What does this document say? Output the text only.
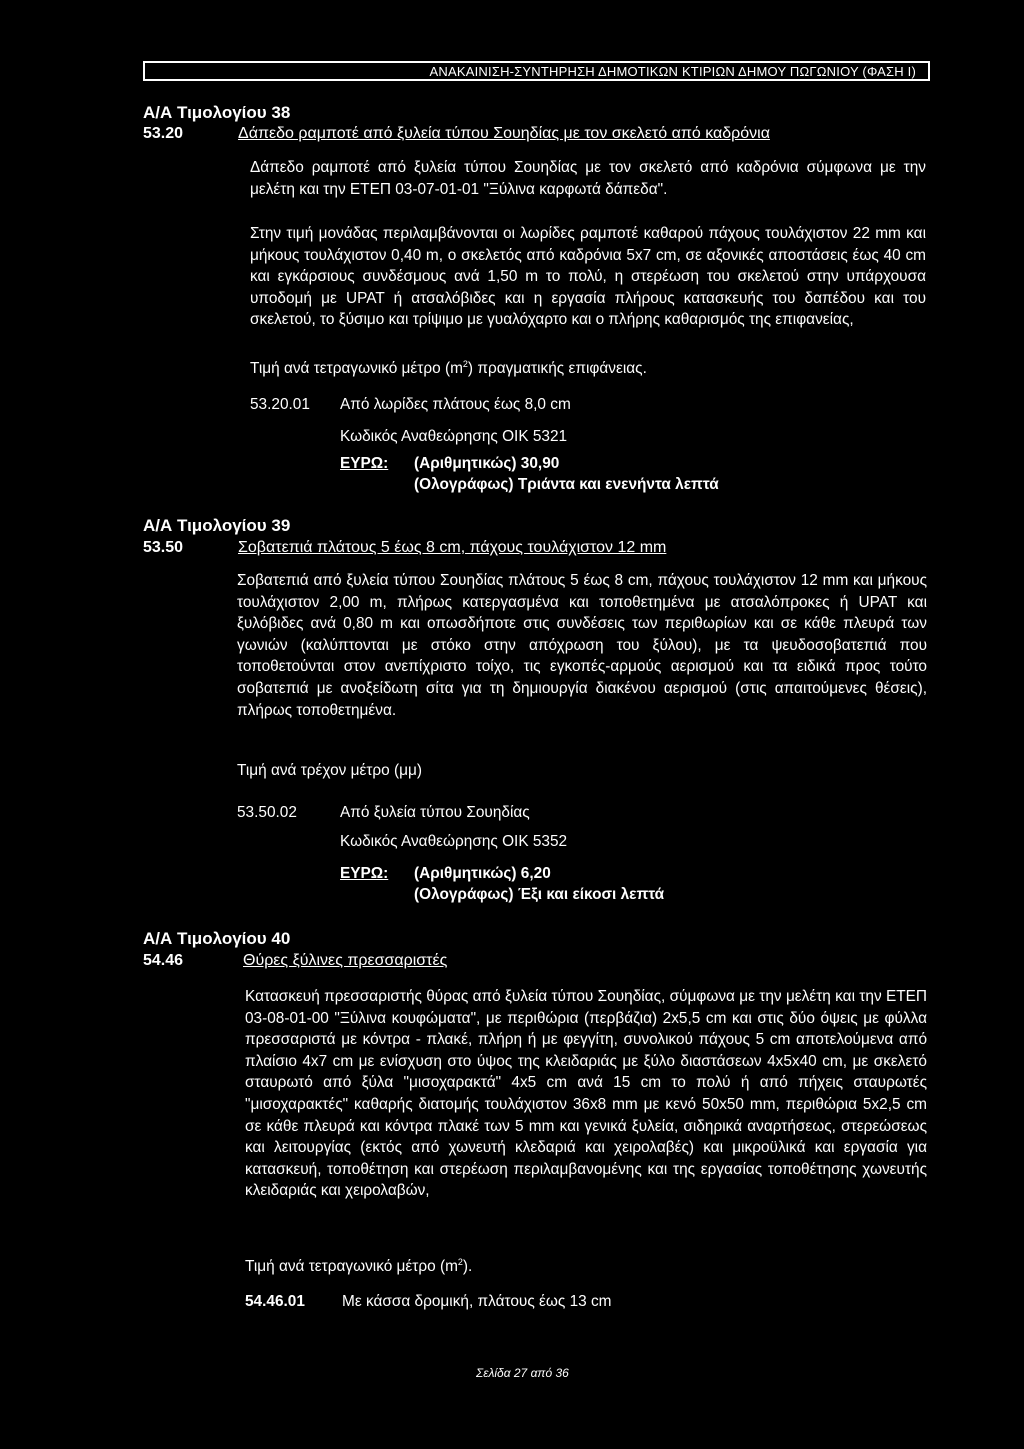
ΑΝΑΚΑΙΝΙΣΗ-ΣΥΝΤΗΡΗΣΗ ΔΗΜΟΤΙΚΩΝ ΚΤΙΡΙΩΝ ΔΗΜΟΥ ΠΩΓΩΝΙΟΥ (ΦΑΣΗ Ι)
Α/Α Τιμολογίου 38
53.20	Δάπεδο ραμποτέ από ξυλεία τύπου Σουηδίας με τον σκελετό από καδρόνια
Δάπεδο ραμποτέ από ξυλεία τύπου Σουηδίας με τον σκελετό από καδρόνια σύμφωνα με την μελέτη και την ΕΤΕΠ 03-07-01-01 "Ξύλινα καρφωτά δάπεδα".
Στην τιμή μονάδας περιλαμβάνονται οι λωρίδες ραμποτέ καθαρού πάχους τουλάχιστον 22 mm και μήκους τουλάχιστον 0,40 m, ο σκελετός από καδρόνια 5x7 cm, σε αξονικές αποστάσεις έως 40 cm και εγκάρσιους συνδέσμους ανά 1,50 m το πολύ, η στερέωση του σκελετού στην υπάρχουσα υποδομή με UPAT ή ατσαλόβιδες και η εργασία πλήρους κατασκευής του δαπέδου και του σκελετού, το ξύσιμο και τρίψιμο με γυαλόχαρτο και ο πλήρης καθαρισμός της επιφανείας,
Τιμή ανά τετραγωνικό μέτρο $(m^2)$ πραγματικής επιφάνειας.
53.20.01 Από λωρίδες πλάτους έως 8,0 cm
Κωδικός Αναθεώρησης ΟΙΚ 5321
ΕΥΡΩ: (Αριθμητικώς) 30,90
(Ολογράφως) Τριάντα και ενενήντα λεπτά
Α/Α Τιμολογίου 39
53.50	Σοβατεπιά πλάτους 5 έως 8 cm, πάχους τουλάχιστον 12 mm
Σοβατεπιά από ξυλεία τύπου Σουηδίας πλάτους 5 έως 8 cm, πάχους τουλάχιστον 12 mm και μήκους τουλάχιστον 2,00 m, πλήρως κατεργασμένα και τοποθετημένα με ατσαλόπροκες ή UPAT και ξυλόβιδες ανά 0,80 m και οπωσδήποτε στις συνδέσεις των περιθωρίων και σε κάθε πλευρά των γωνιών (καλύπτονται με στόκο στην απόχρωση του ξύλου), με τα ψευδοσοβατεπιά που τοποθετούνται στον ανεπίχριστο τοίχο, τις εγκοπές-αρμούς αερισμού και τα ειδικά προς τούτο σοβατεπιά με ανοξείδωτη σίτα για τη δημιουργία διακένου αερισμού (στις απαιτούμενες θέσεις), πλήρως τοποθετημένα.
Τιμή ανά τρέχον μέτρο (μμ)
53.50.02	Από ξυλεία τύπου Σουηδίας
Κωδικός Αναθεώρησης ΟΙΚ 5352
ΕΥΡΩ: (Αριθμητικώς) 6,20
(Ολογράφως) Έξι και είκοσι λεπτά
Α/Α Τιμολογίου 40
54.46	Θύρες ξύλινες πρεσσαριστές
Κατασκευή πρεσσαριστής θύρας από ξυλεία τύπου Σουηδίας, σύμφωνα με την μελέτη και την ΕΤΕΠ 03-08-01-00 "Ξύλινα κουφώματα", με περιθώρια (περβάζια) 2x5,5 cm και στις δύο όψεις με φύλλα πρεσσαριστά με κόντρα - πλακέ, πλήρη ή με φεγγίτη, συνολικού πάχους 5 cm αποτελούμενα από πλαίσιο 4x7 cm με ενίσχυση στο ύψος της κλειδαριάς με ξύλο διαστάσεων 4x5x40 cm, με σκελετό σταυρωτό από ξύλα "μισοχαρακτά" 4x5 cm ανά 15 cm το πολύ ή από πήχεις σταυρωτές "μισοχαρακτές" καθαρής διατομής τουλάχιστον 36x8 mm με κενό 50x50 mm, περιθώρια 5x2,5 cm σε κάθε πλευρά και κόντρα πλακέ των 5 mm και γενικά ξυλεία, σιδηρικά αναρτήσεως, στερεώσεως και λειτουργίας (εκτός από χωνευτή κλεδαριά και χειρολαβές) και μικροϋλικά και εργασία για κατασκευή, τοποθέτηση και στερέωση περιλαμβανομένης και της εργασίας τοποθέτησης χωνευτής κλειδαριάς και χειρολαβών,
Τιμή ανά τετραγωνικό μέτρο $(m^2)$.
54.46.01 Με κάσσα δρομική, πλάτους έως 13 cm
Σελίδα 27 από 36
